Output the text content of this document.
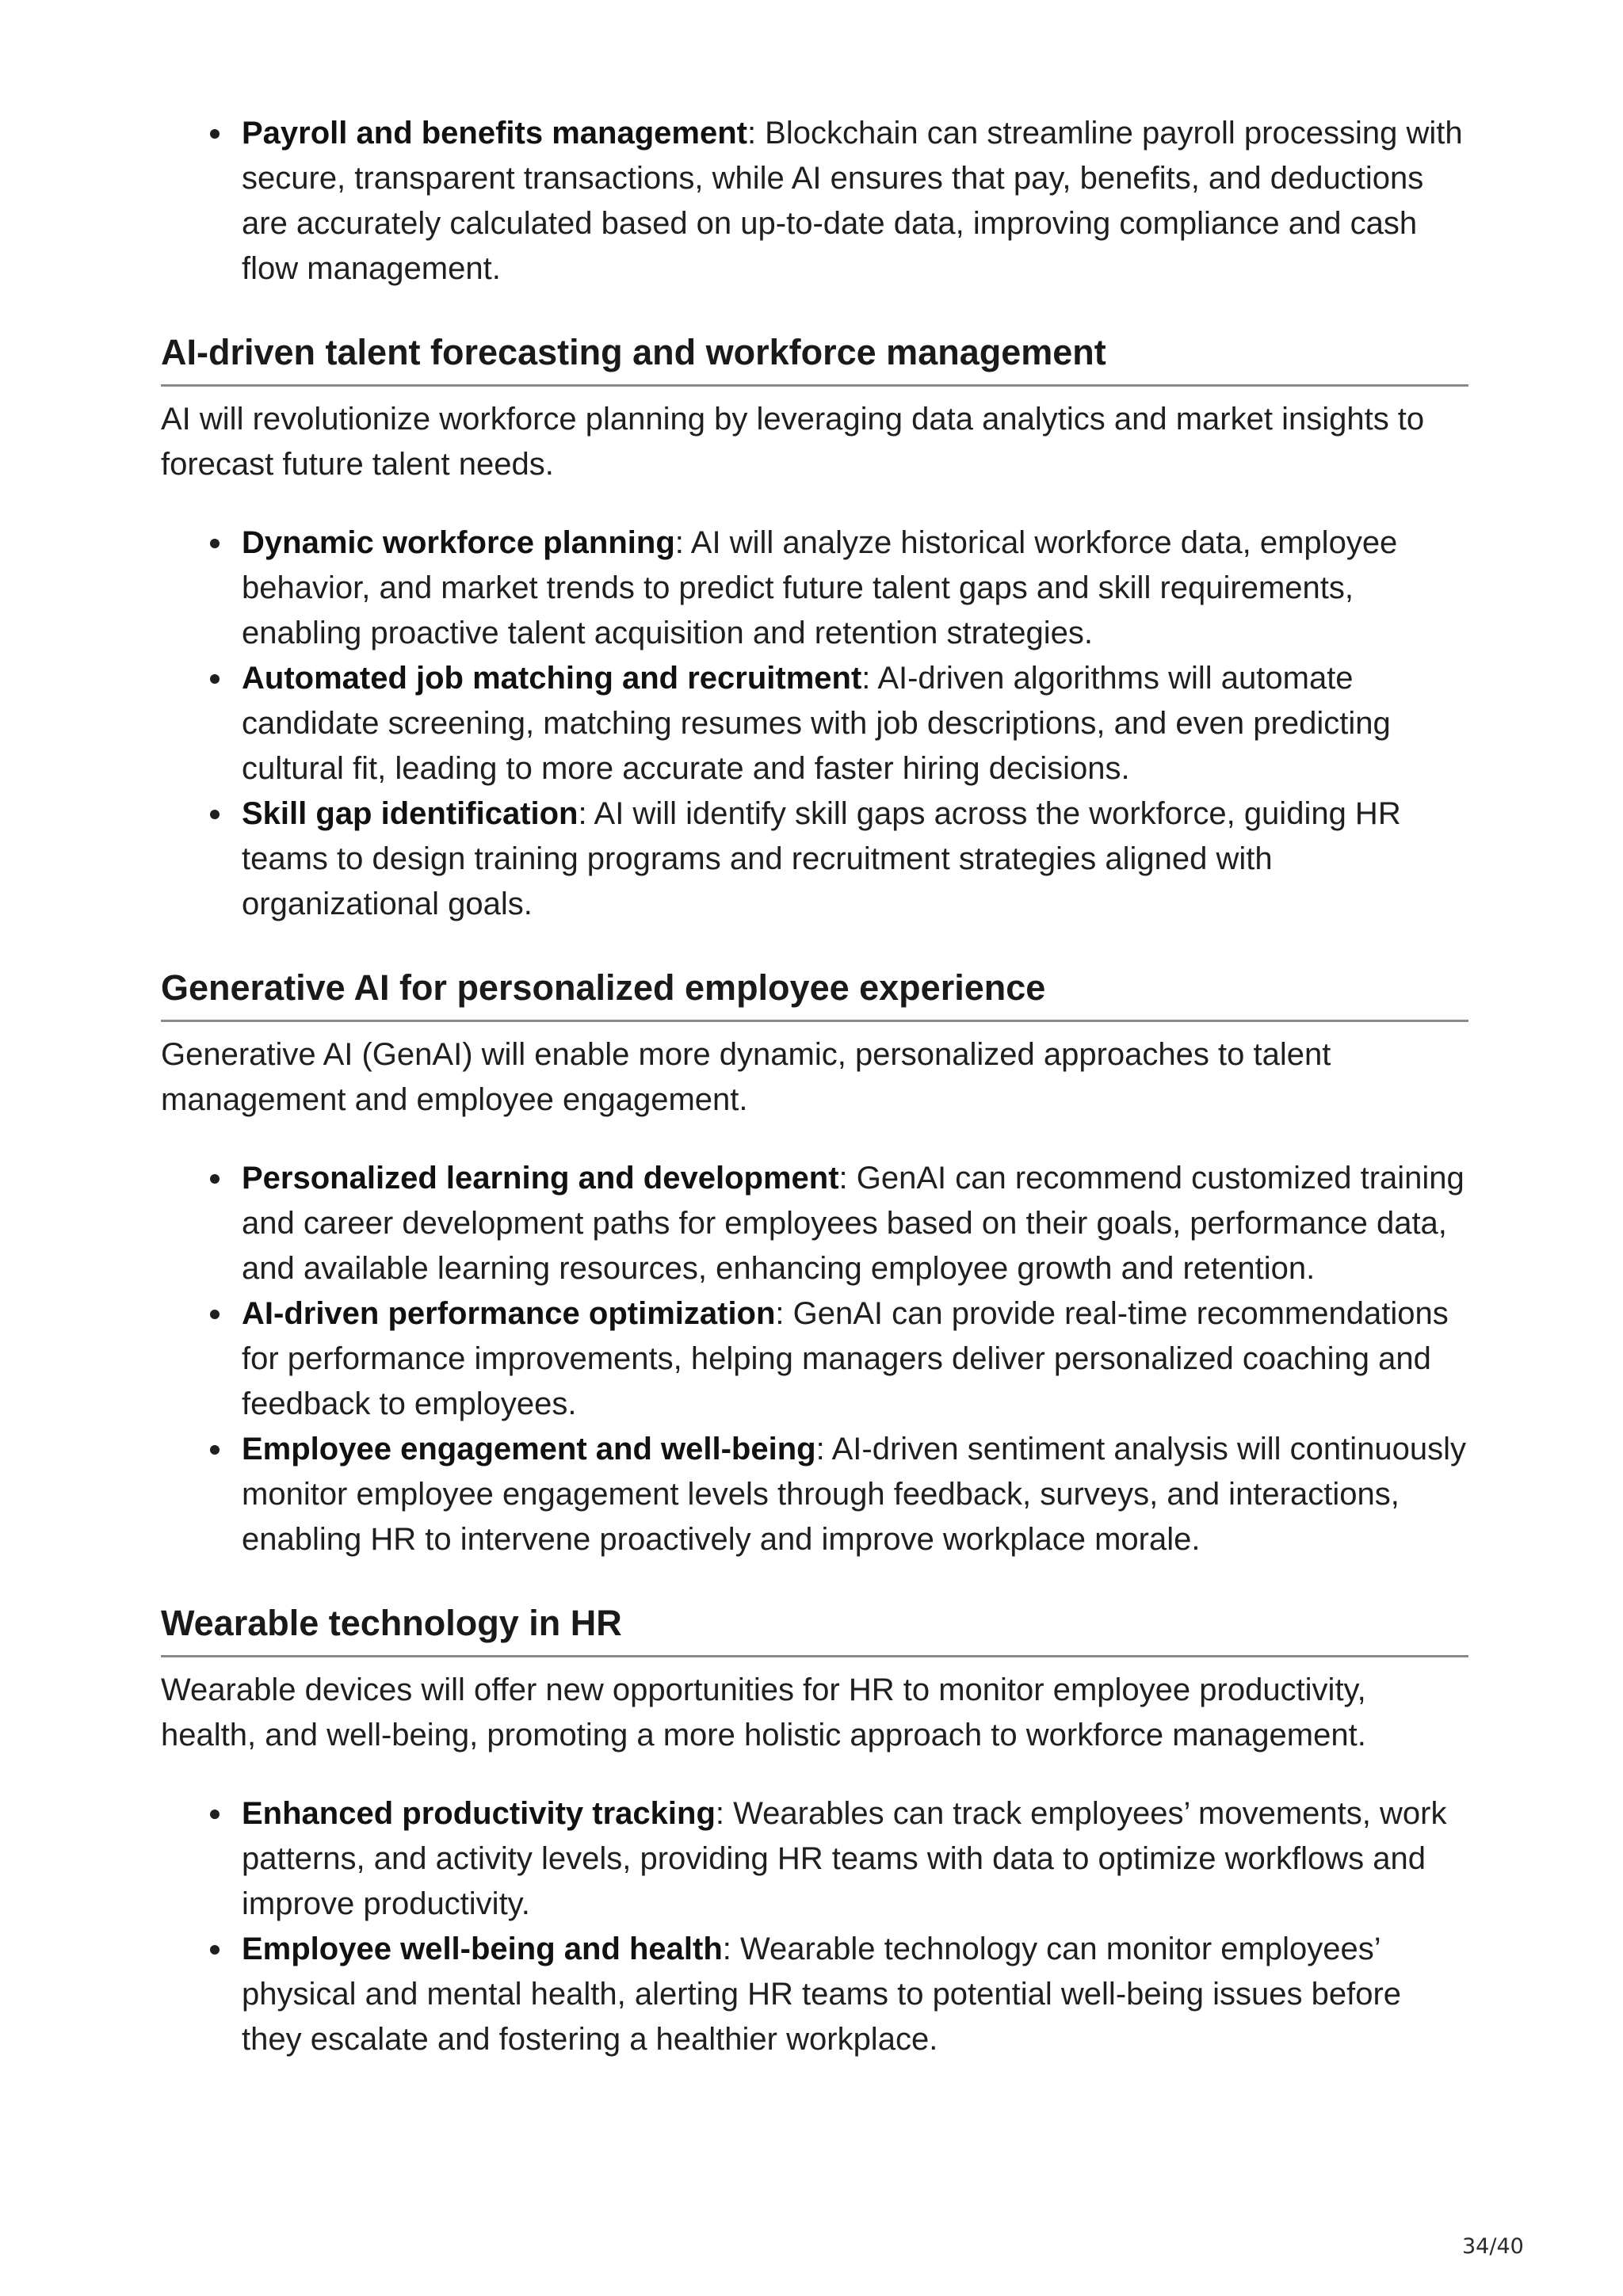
Payroll and benefits management: Blockchain can streamline payroll processing with secure, transparent transactions, while AI ensures that pay, benefits, and deductions are accurately calculated based on up-to-date data, improving compliance and cash flow management.
AI-driven talent forecasting and workforce management

AI will revolutionize workforce planning by leveraging data analytics and market insights to forecast future talent needs.

Dynamic workforce planning: AI will analyze historical workforce data, employee behavior, and market trends to predict future talent gaps and skill requirements, enabling proactive talent acquisition and retention strategies.
Automated job matching and recruitment: AI-driven algorithms will automate candidate screening, matching resumes with job descriptions, and even predicting cultural fit, leading to more accurate and faster hiring decisions.
Skill gap identification: AI will identify skill gaps across the workforce, guiding HR teams to design training programs and recruitment strategies aligned with organizational goals.
Generative AI for personalized employee experience

Generative AI (GenAI) will enable more dynamic, personalized approaches to talent management and employee engagement.

Personalized learning and development: GenAI can recommend customized training and career development paths for employees based on their goals, performance data, and available learning resources, enhancing employee growth and retention.
AI-driven performance optimization: GenAI can provide real-time recommendations for performance improvements, helping managers deliver personalized coaching and feedback to employees.
Employee engagement and well-being: AI-driven sentiment analysis will continuously monitor employee engagement levels through feedback, surveys, and interactions, enabling HR to intervene proactively and improve workplace morale.
Wearable technology in HR

Wearable devices will offer new opportunities for HR to monitor employee productivity, health, and well-being, promoting a more holistic approach to workforce management.

Enhanced productivity tracking: Wearables can track employees’ movements, work patterns, and activity levels, providing HR teams with data to optimize workflows and improve productivity.
Employee well-being and health: Wearable technology can monitor employees’ physical and mental health, alerting HR teams to potential well-being issues before they escalate and fostering a healthier workplace.
34/40
